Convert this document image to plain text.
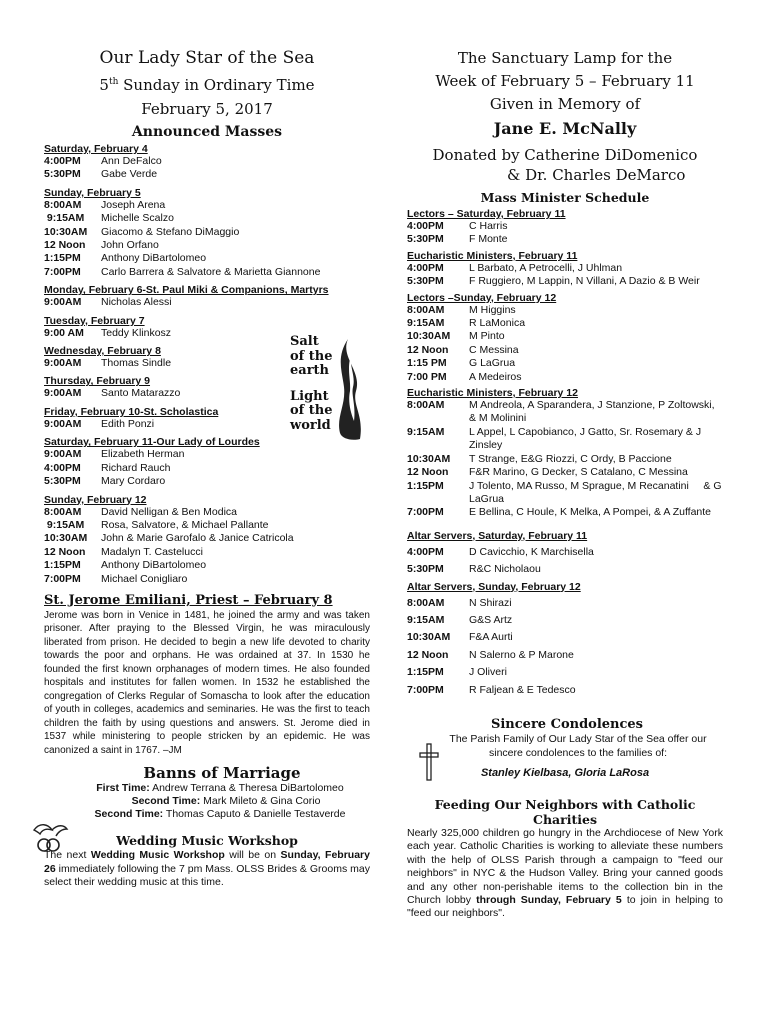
Our Lady Star of the Sea
5th Sunday in Ordinary Time
February 5, 2017
Announced Masses
Saturday, February 4
4:00PM	Ann DeFalco
5:30PM	Gabe Verde
Sunday, February 5
8:00AM	Joseph Arena
9:15AM	Michelle Scalzo
10:30AM	Giacomo & Stefano DiMaggio
12 Noon	John Orfano
1:15PM	Anthony DiBartolomeo
7:00PM	Carlo Barrera & Salvatore & Marietta Giannone
Monday, February 6-St. Paul Miki & Companions, Martyrs
9:00AM	Nicholas Alessi
Tuesday, February 7
9:00 AM	Teddy Klinkosz
Wednesday, February 8
9:00AM	Thomas Sindle
Thursday, February 9
9:00AM	Santo Matarazzo
Friday, February 10-St. Scholastica
9:00AM	Edith Ponzi
Saturday, February 11-Our Lady of Lourdes
9:00AM	Elizabeth Herman
4:00PM	Richard Rauch
5:30PM	Mary Cordaro
Sunday, February 12
8:00AM	David Nelligan & Ben Modica
9:15AM	Rosa, Salvatore, & Michael Pallante
10:30AM	John & Marie Garofalo & Janice Catricola
12 Noon	Madalyn T. Castelucci
1:15PM	Anthony DiBartolomeo
7:00PM	Michael Conigliaro
St. Jerome Emiliani, Priest – February 8
Jerome was born in Venice in 1481, he joined the army and was taken prisoner. After praying to the Blessed Virgin, he was miraculously liberated from prison. He decided to begin a new life devoted to charity towards the poor and orphans. He was ordained at 37. In 1530 he founded the first known orphanages of modern times. He also founded hospitals and institutes for fallen women. In 1532 he established the congregation of Clerks Regular of Somascha to look after the education of youth in colleges, academics and seminaries. He was the first to teach children the faith by using questions and answers. St. Jerome died in 1537 while ministering to people stricken by an epidemic. He was canonized a saint in 1767. –JM
Banns of Marriage
First Time: Andrew Terrana & Theresa DiBartolomeo
Second Time: Mark Mileto & Gina Corio
Second Time: Thomas Caputo & Danielle Testaverde
Wedding Music Workshop
The next Wedding Music Workshop will be on Sunday, February 26 immediately following the 7 pm Mass. OLSS Brides & Grooms may select their wedding music at this time.
Salt
of the
earth
Light
of the
world
The Sanctuary Lamp for the
Week of February 5 – February 11
Given in Memory of
Jane E. McNally
Donated by Catherine DiDomenico
& Dr. Charles DeMarco
Mass Minister Schedule
Lectors – Saturday, February 11
4:00PM	C Harris
5:30PM	F Monte
Eucharistic Ministers, February 11
4:00PM	L Barbato, A Petrocelli, J Uhlman
5:30PM	F Ruggiero, M Lappin, N Villani, A Dazio & B Weir
Lectors –Sunday, February 12
8:00AM	M Higgins
9:15AM	R LaMonica
10:30AM	M Pinto
12 Noon	C Messina
1:15 PM	G LaGrua
7:00 PM	A Medeiros
Eucharistic Ministers, February 12
8:00AM	M Andreola, A Sparandera, J Stanzione, P Zoltowski, & M Molinini
9:15AM	L Appel, L Capobianco, J Gatto, Sr. Rosemary & J Zinsley
10:30AM	T Strange, E&G Riozzi, C Ordy, B Paccione
12 Noon	F&R Marino, G Decker, S Catalano, C Messina
1:15PM	J Tolento, MA Russo, M Sprague, M Recanatini     & G LaGrua
7:00PM	E Bellina, C Houle, K Melka, A Pompei, & A Zuffante
Altar Servers, Saturday, February 11
4:00PM	D Cavicchio, K Marchisella
5:30PM	R&C Nicholaou
Altar Servers, Sunday, February 12
8:00AM	N Shirazi
9:15AM	G&S Artz
10:30AM	F&A Aurti
12 Noon	N Salerno & P Marone
1:15PM	J Oliveri
7:00PM	R Faljean & E Tedesco
Sincere Condolences
The Parish Family of Our Lady Star of the Sea offer our sincere condolences to the families of:
Stanley Kielbasa, Gloria LaRosa
Feeding Our Neighbors with Catholic Charities
Nearly 325,000 children go hungry in the Archdiocese of New York each year. Catholic Charities is working to alleviate these numbers with the help of OLSS Parish through a campaign to "feed our neighbors" in NYC & the Hudson Valley. Bring your canned goods and any other non-perishable items to the collection bin in the Church lobby through Sunday, February 5 to join in helping to "feed our neighbors".
